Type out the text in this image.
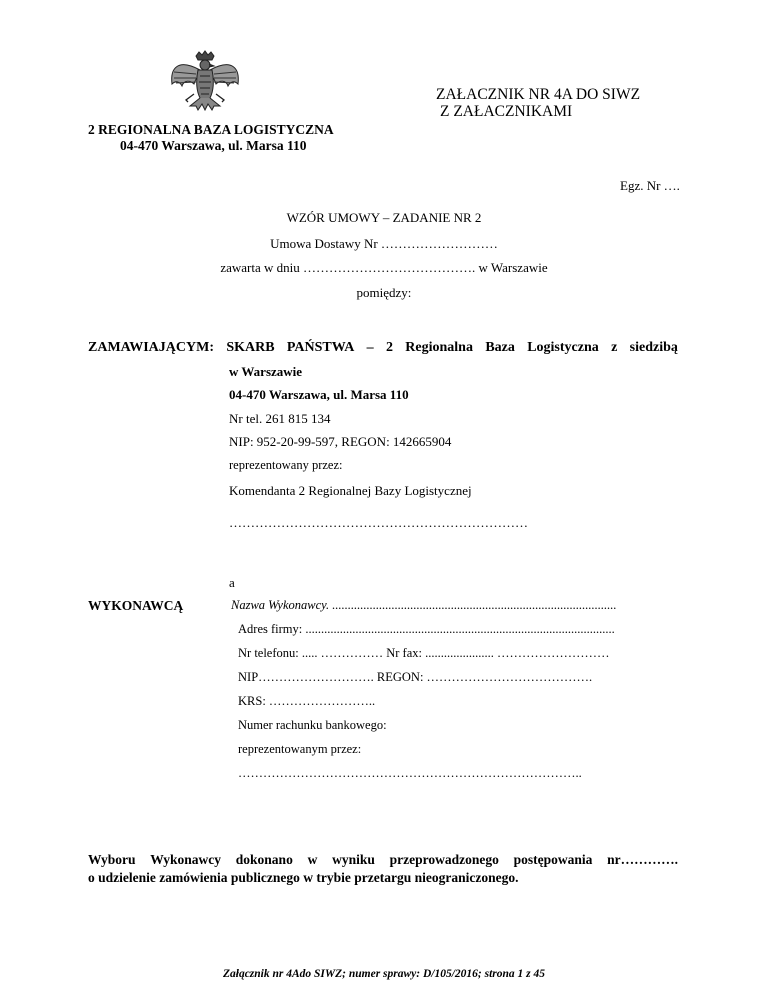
ZAŁACZNIK NR 4A DO SIWZ
Z ZAŁACZNIKAMI
2 REGIONALNA BAZA LOGISTYCZNA
04-470 Warszawa, ul. Marsa 110
Egz. Nr ….
WZÓR UMOWY – ZADANIE NR 2
Umowa Dostawy Nr ………………………
zawarta w dniu …………………………………. w Warszawie
pomiędzy:
ZAMAWIAJĄCYM: SKARB PAŃSTWA – 2 Regionalna Baza Logistyczna z siedzibą
w Warszawie
04-470 Warszawa, ul. Marsa 110
Nr tel. 261 815 134
NIP: 952-20-99-597, REGON: 142665904
reprezentowany przez:
Komendanta 2 Regionalnej Bazy Logistycznej
……………………………………………………………
a
WYKONAWCĄ	Nazwa Wykonawcy. ...........................................................................................
Adres firmy: ...................................................................................................
Nr telefonu: ..... …………… Nr fax: ...................... ………………………
NIP………………………. REGON: ………………………………….
KRS: ……………………..
Numer rachunku bankowego:
reprezentowanym przez:
………………………………………………………………………..
Wyboru Wykonawcy dokonano w wyniku przeprowadzonego postępowania nr………….
o udzielenie zamówienia publicznego w trybie przetargu nieograniczonego.
Załącznik nr 4Ado SIWZ; numer sprawy: D/105/2016; strona 1 z 45
